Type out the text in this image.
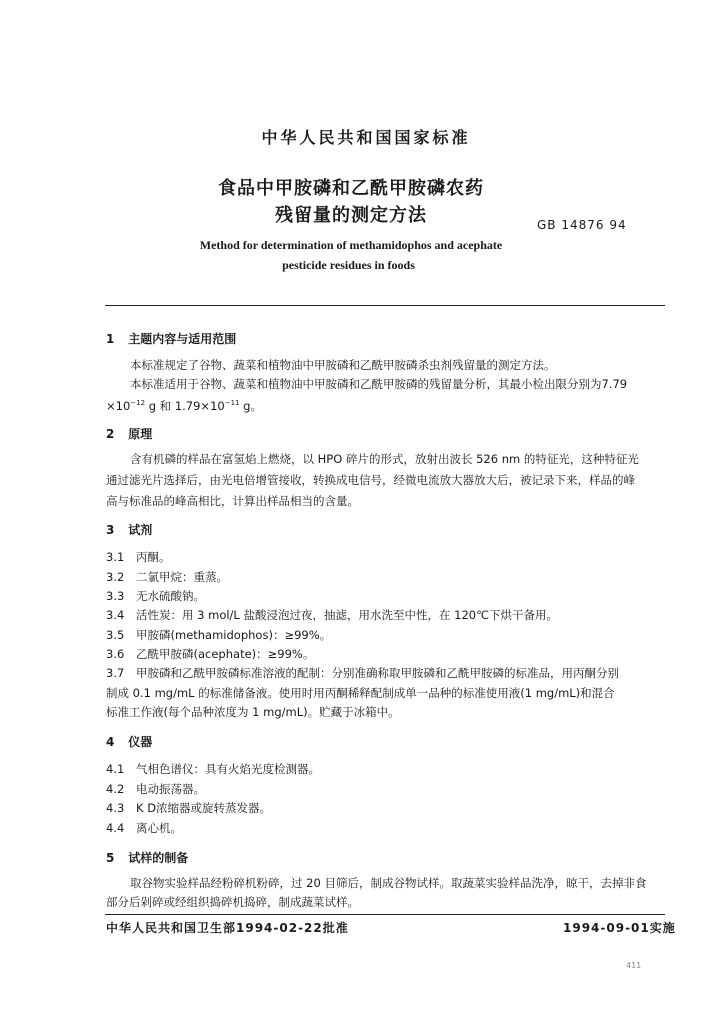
中华人民共和国国家标准
食品中甲胺磷和乙酰甲胺磷农药
残留量的测定方法	GB 14876 94
Method for determination of methamidophos and acephate
pesticide residues in foods
1 主题内容与适用范围
本标准规定了谷物、蔬菜和植物油中甲胺磷和乙酰甲胺磷杀虫剂残留量的测定方法。
本标准适用于谷物、蔬菜和植物油中甲胺磷和乙酰甲胺磷的残留量分析，其最小检出限分别为7.79
$\times 10^{-12}$ g 和 $1.79\times 10^{-11}$ g。
2 原理
含有机磷的样品在富氢焰上燃烧，以 HPO 碎片的形式，放射出波长 526 nm 的特征光，这种特征光
通过滤光片选择后，由光电倍增管接收，转换成电信号，经微电流放大器放大后，被记录下来，样品的峰
高与标准品的峰高相比，计算出样品相当的含量。
3 试剂
3.1 丙酮。
3.2 二氯甲烷：重蒸。
3.3 无水硫酸钠。
3.4 活性炭：用 3 mol/L 盐酸浸泡过夜，抽滤，用水洗至中性，在 120℃下烘干备用。
3.5 甲胺磷(methamidophos)：≥99%。
3.6 乙酰甲胺磷(acephate)：≥99%。
3.7 甲胺磷和乙酰甲胺磷标准溶液的配制：分别准确称取甲胺磷和乙酰甲胺磷的标准品，用丙酮分别
制成 0.1 mg/mL 的标准储备液。使用时用丙酮稀释配制成单一品种的标准使用液(1 mg/mL)和混合
标准工作液(每个品种浓度为 1 mg/mL)。贮藏于冰箱中。
4 仪器
4.1 气相色谱仪：具有火焰光度检测器。
4.2 电动振荡器。
4.3 K D浓缩器或旋转蒸发器。
4.4 离心机。
5 试样的制备
取谷物实验样品经粉碎机粉碎，过 20 目筛后，制成谷物试样。取蔬菜实验样品洗净，晾干，去掉非食
部分后剁碎或经组织捣碎机捣碎，制成蔬菜试样。
中华人民共和国卫生部1994-02-22批准	1994-09-01实施
411
